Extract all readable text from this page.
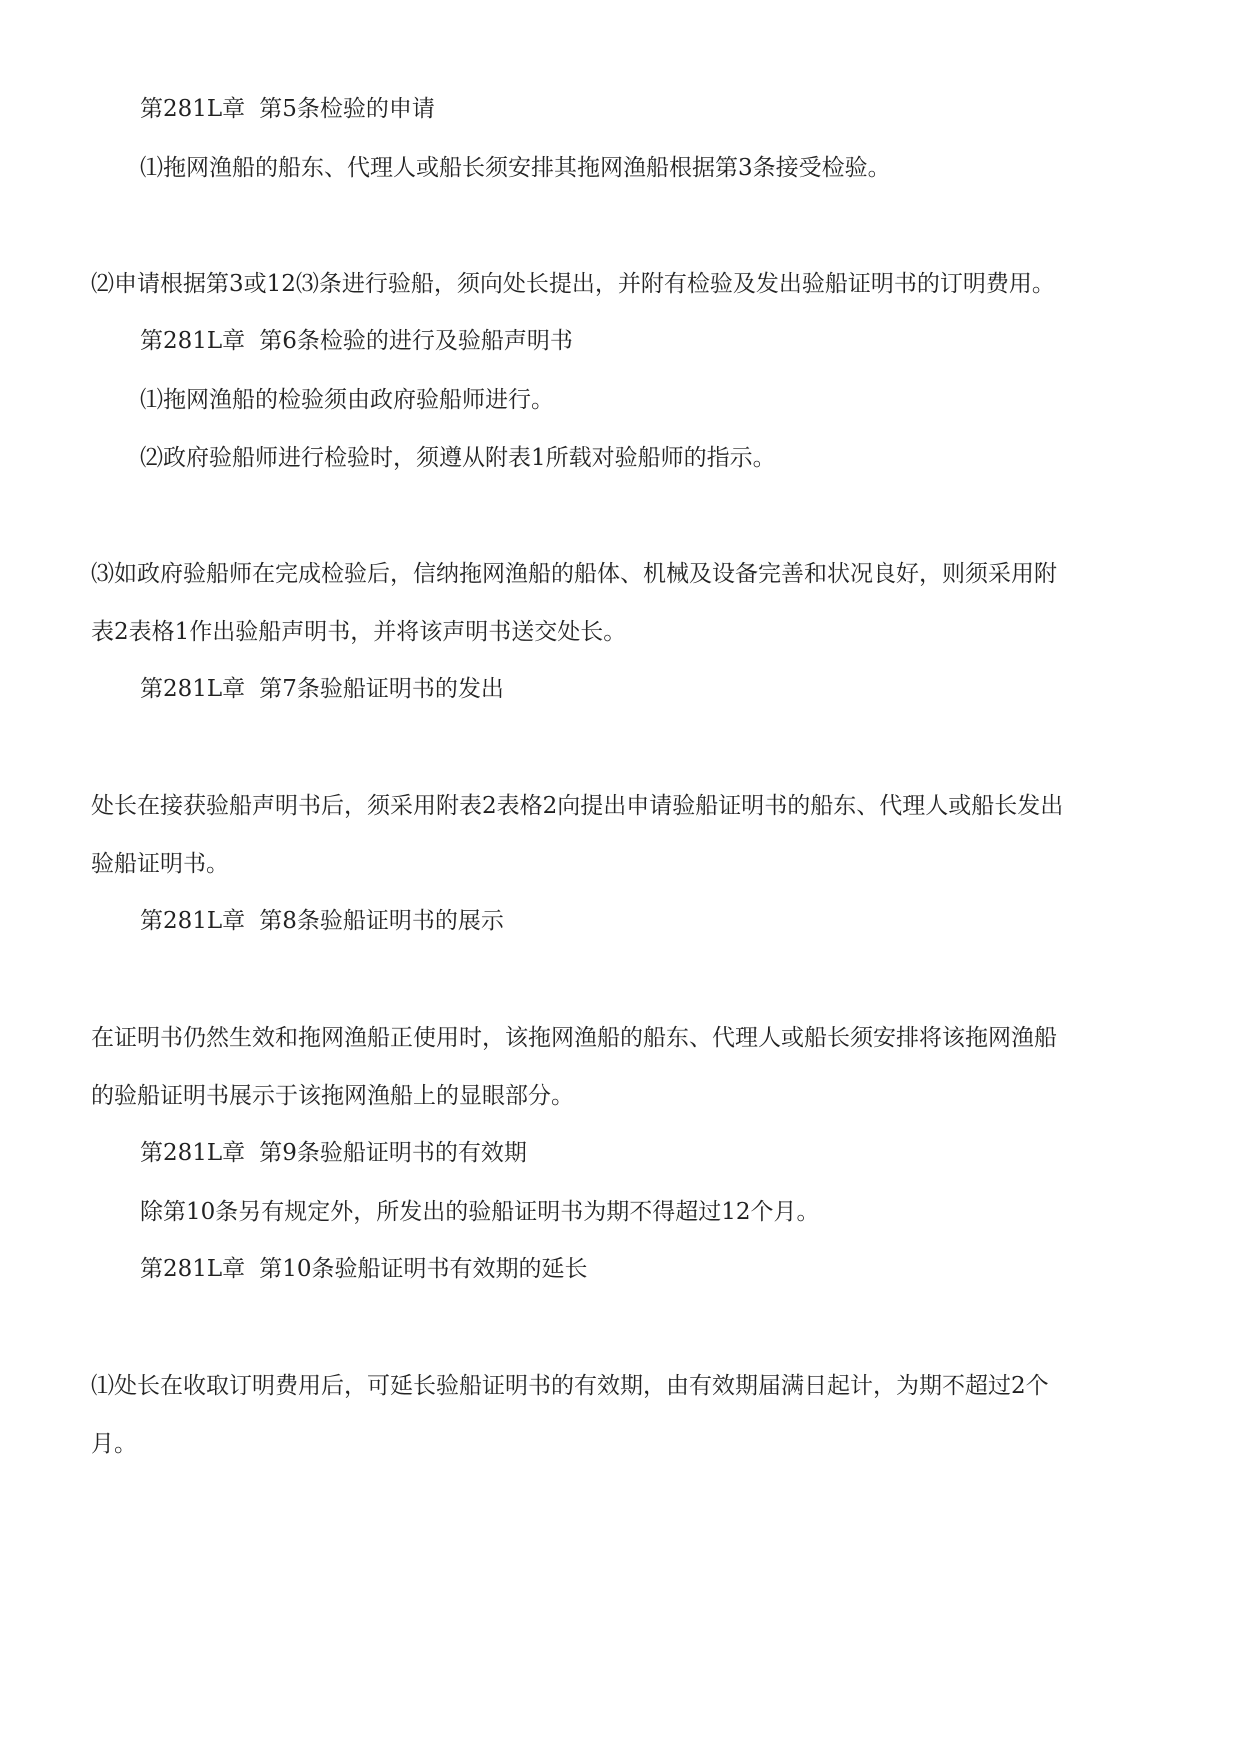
第281L章 第5条检验的申请
⑴拖网渔船的船东、代理人或船长须安排其拖网渔船根据第3条接受检验。
⑵申请根据第3或12⑶条进行验船，须向处长提出，并附有检验及发出验船证明书的订明费用。
第281L章 第6条检验的进行及验船声明书
⑴拖网渔船的检验须由政府验船师进行。
⑵政府验船师进行检验时，须遵从附表1所载对验船师的指示。
⑶如政府验船师在完成检验后，信纳拖网渔船的船体、机械及设备完善和状况良好，则须采用附
表2表格1作出验船声明书，并将该声明书送交处长。
第281L章 第7条验船证明书的发出
处长在接获验船声明书后，须采用附表2表格2向提出申请验船证明书的船东、代理人或船长发出
验船证明书。
第281L章 第8条验船证明书的展示
在证明书仍然生效和拖网渔船正使用时，该拖网渔船的船东、代理人或船长须安排将该拖网渔船
的验船证明书展示于该拖网渔船上的显眼部分。
第281L章 第9条验船证明书的有效期
除第10条另有规定外，所发出的验船证明书为期不得超过12个月。
第281L章 第10条验船证明书有效期的延长
⑴处长在收取订明费用后，可延长验船证明书的有效期，由有效期届满日起计，为期不超过2个
月。
